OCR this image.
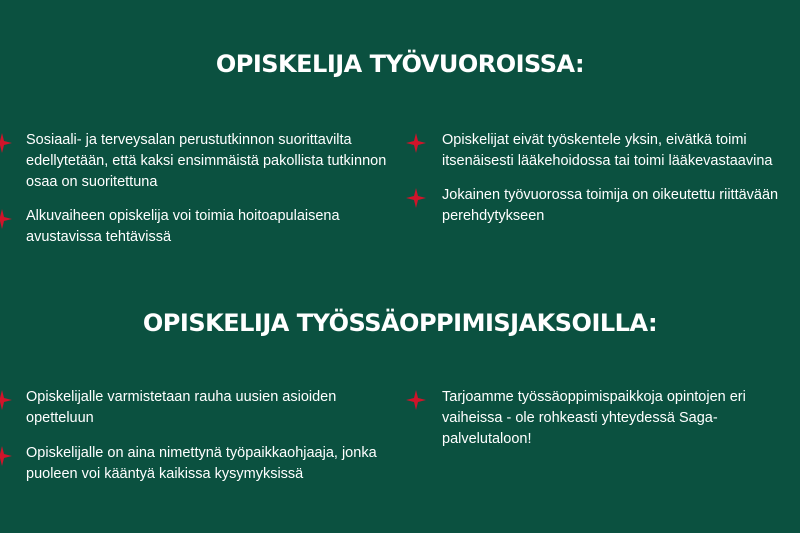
OPISKELIJA TYÖVUOROISSA:
Sosiaali- ja terveysalan perustutkinnon suorittavilta edellytetään, että kaksi ensimmäistä pakollista tutkinnon osaa on suoritettuna
Alkuvaiheen opiskelija voi toimia hoitoapulaisena avustavissa tehtävissä
Opiskelijat eivät työskentele yksin, eivätkä toimi itsenäisesti lääkehoidossa tai toimi lääkevastaavina
Jokainen työvuorossa toimija on oikeutettu riittävään perehdytykseen
OPISKELIJA TYÖSSÄOPPIMISJAKSOILLA:
Opiskelijalle varmistetaan rauha uusien asioiden opetteluun
Opiskelijalle on aina nimettynä työpaikkaohjaaja, jonka puoleen voi kääntyä kaikissa kysymyksissä
Tarjoamme työssäoppimispaikkoja opintojen eri vaiheissa - ole rohkeasti yhteydessä Saga-palvelutaloon!
